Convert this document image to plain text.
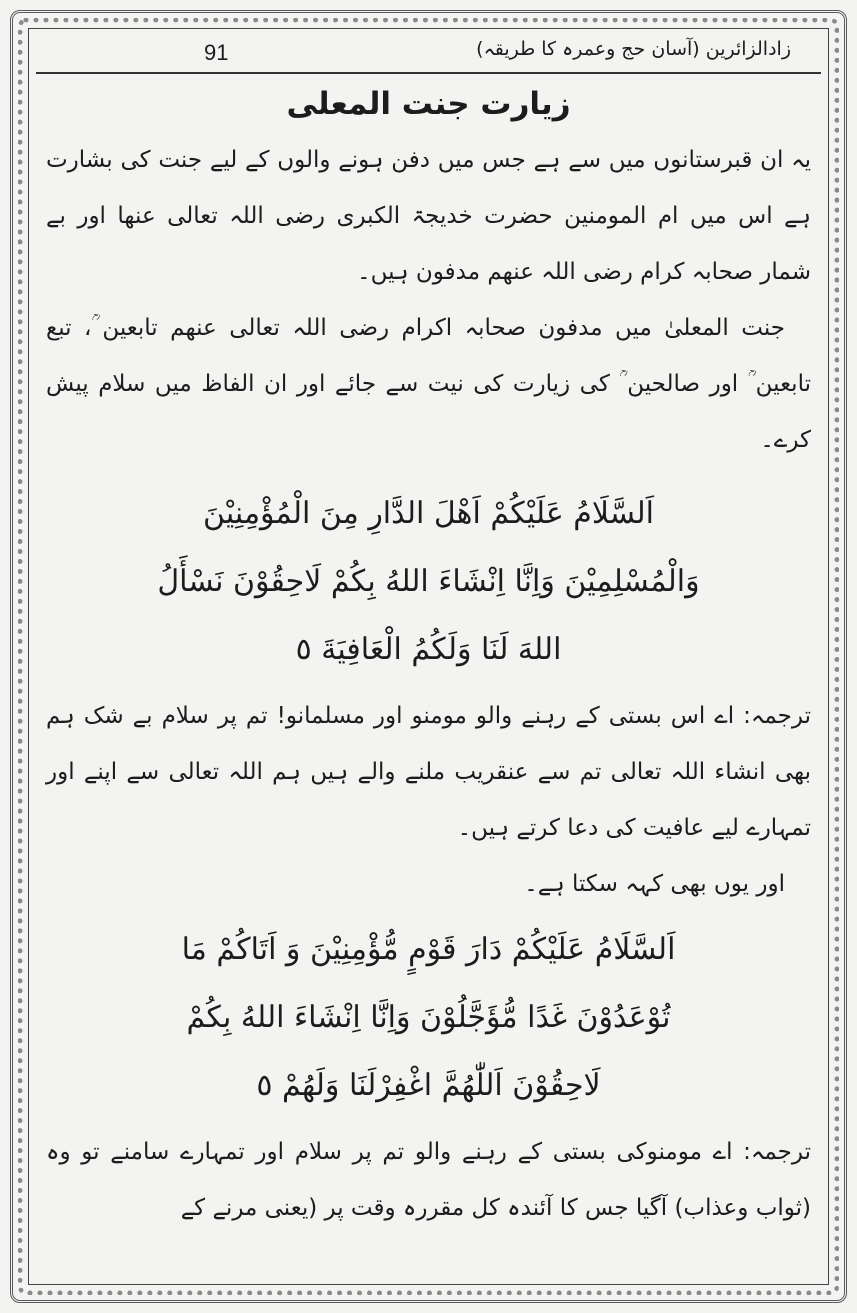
زادالزائرین (آسان حج وعمرہ کا طریقہ)
91
زیارت جنت المعلی
یہ ان قبرستانوں میں سے ہے جس میں دفن ہونے والوں کے لیے جنت کی بشارت ہے اس میں ام المومنین حضرت خدیجۃ الکبری رضی اللہ تعالی عنھا اور بے شمار صحابہ کرام رضی اللہ عنھم مدفون ہیں۔
جنت المعلیٰ میں مدفون صحابہ اکرام رضی اللہ تعالی عنھم تابعین ؒ، تبع تابعین ؒ اور صالحین ؒ کی زیارت کی نیت سے جائے اور ان الفاظ میں سلام پیش کرے۔
اَلسَّلَامُ عَلَیْکُمْ اَهْلَ الدَّارِ مِنَ الْمُؤْمِنِیْنَ
وَالْمُسْلِمِیْنَ وَاِنَّا اِنْشَاءَ اللهُ بِکُمْ لَاحِقُوْنَ نَسْأَلُ
اللهَ لَنَا وَلَکُمُ الْعَافِیَةَ ٥
ترجمہ: اے اس بستی کے رہنے والو مومنو اور مسلمانو! تم پر سلام بے شک ہم بھی انشاء اللہ تعالی تم سے عنقریب ملنے والے ہیں ہم اللہ تعالی سے اپنے اور تمہارے لیے عافیت کی دعا کرتے ہیں۔
اور یوں بھی کہہ سکتا ہے۔
اَلسَّلَامُ عَلَیْکُمْ دَارَ قَوْمٍ مُّؤْمِنِیْنَ وَ اَتَاکُمْ مَا
تُوْعَدُوْنَ غَدًا مُّؤَجَّلُوْنَ وَاِنَّا اِنْشَاءَ اللهُ بِکُمْ
لَاحِقُوْنَ اَللّٰهُمَّ اغْفِرْلَنَا وَلَهُمْ ٥
ترجمہ: اے مومنوکی بستی کے رہنے والو تم پر سلام اور تمہارے سامنے تو وہ (ثواب وعذاب) آگیا جس کا آئندہ کل مقررہ وقت پر (یعنی مرنے کے
